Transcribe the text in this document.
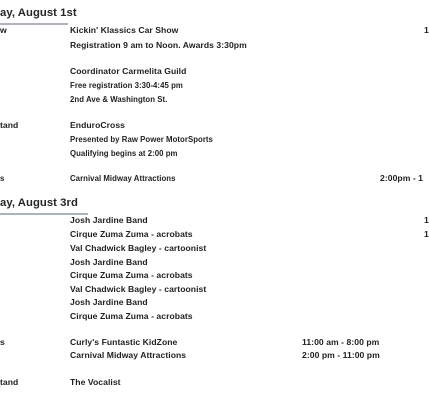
ay, August 1st
w	Kickin' Klassics Car Show	1
Registration 9 am to Noon. Awards 3:30pm
Coordinator Carmelita Guild
Free registration 3:30-4:45 pm
2nd Ave & Washington St.
tand	EnduroCross
Presented by Raw Power MotorSports
Qualifying begins at 2:00 pm
s	Carnival Midway Attractions	2:00pm - 1
ay, August 3rd
Josh Jardine Band	1
Cirque Zuma Zuma - acrobats	1
Val Chadwick Bagley - cartoonist
Josh Jardine Band
Cirque Zuma Zuma - acrobats
Val Chadwick Bagley - cartoonist
Josh Jardine Band
Cirque Zuma Zuma - acrobats
s	Curly's Funtastic KidZone	11:00 am - 8:00 pm
Carnival Midway Attractions	2:00 pm - 11:00 pm
tand	The Vocalist
